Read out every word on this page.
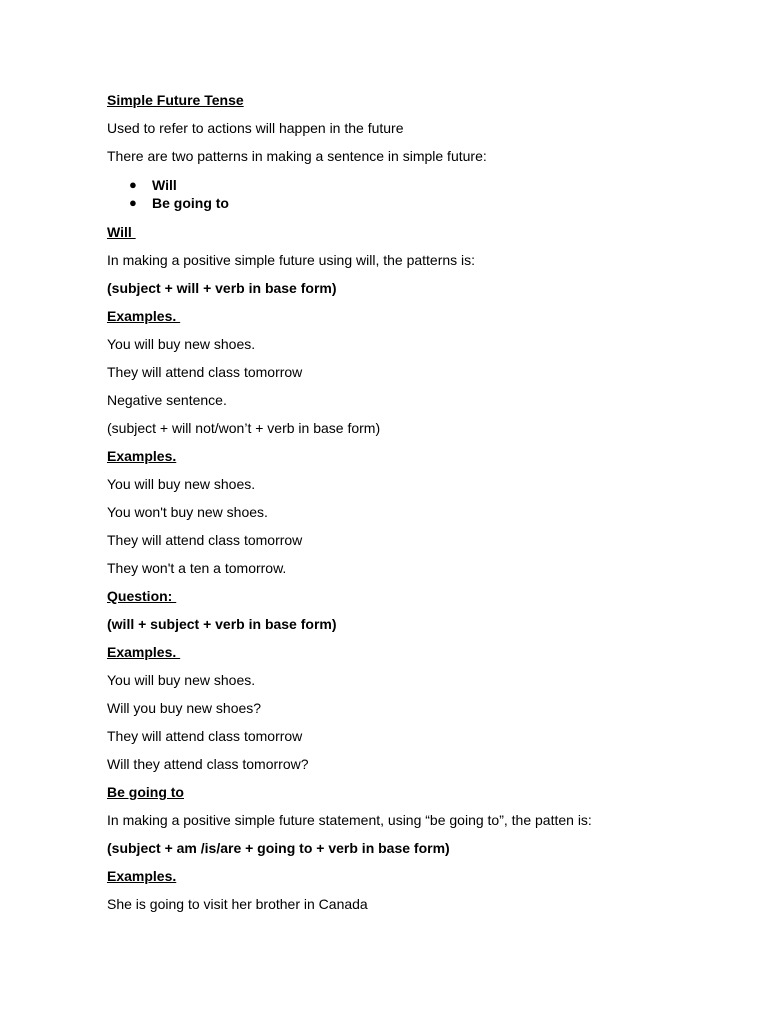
Simple Future Tense
Used to refer to actions will happen in the future
There are two patterns in making a sentence in simple future:

●

Will

●

Be going to

Will
In making a positive simple future using will, the patterns is:
(subject + will + verb in base form)
Examples.
You will buy new shoes.
They will attend class tomorrow
Negative sentence.
(subject + will not/won’t + verb in base form)
Examples.
You will buy new shoes.
You won't buy new shoes.
They will attend class tomorrow
They won't a ten a tomorrow.
Question:
(will + subject + verb in base form)
Examples.
You will buy new shoes.
Will you buy new shoes?
They will attend class tomorrow
Will they attend class tomorrow?
Be going to
In making a positive simple future statement, using “be going to”, the patten is:
(subject + am /is/are + going to + verb in base form)
Examples.
She is going to visit her brother in Canada
